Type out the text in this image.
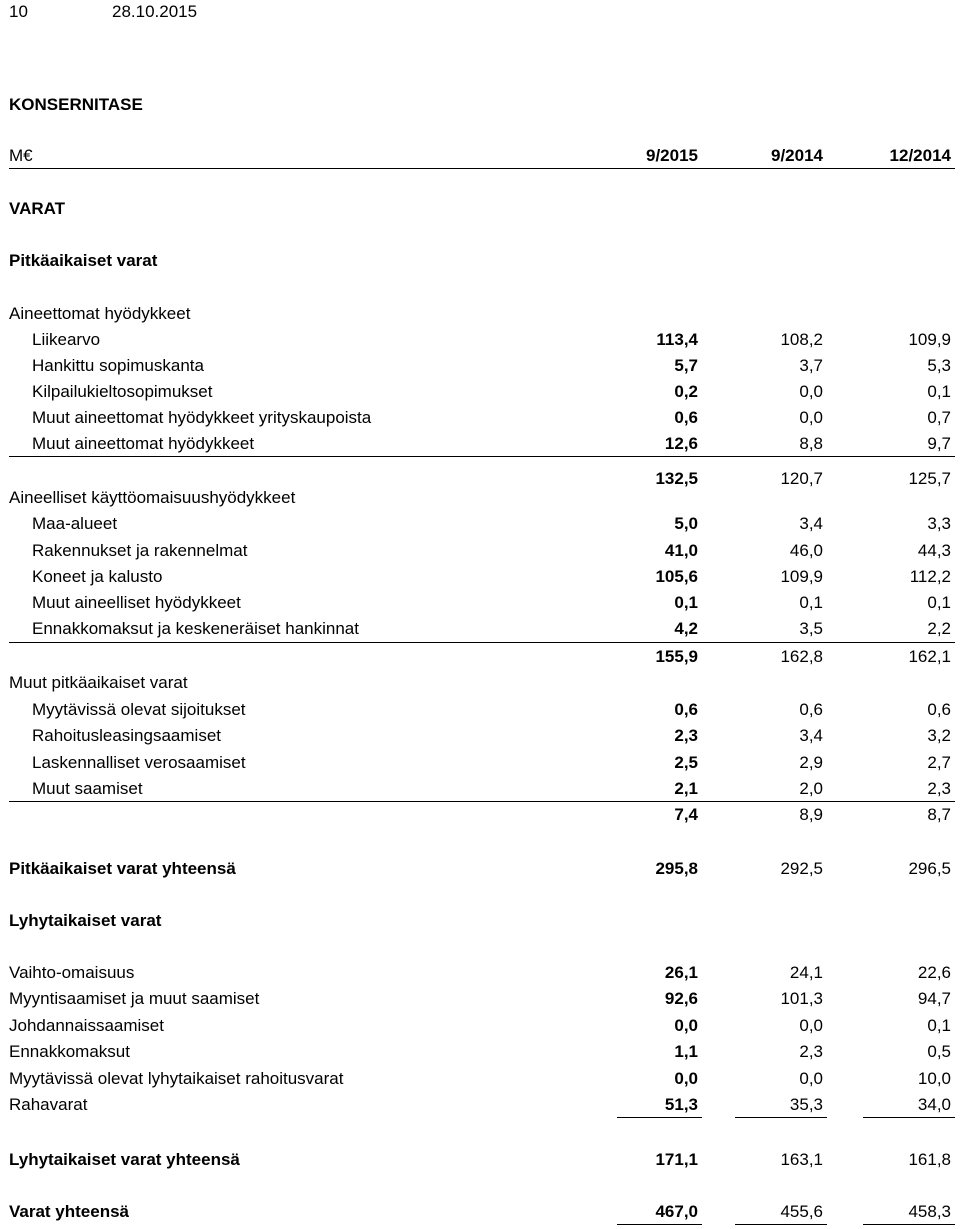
10	28.10.2015
KONSERNITASE
M€	9/2015	9/2014	12/2014
VARAT
Pitkäaikaiset varat
Aineettomat hyödykkeet
Liikearvo	113,4	108,2	109,9
Hankittu sopimuskanta	5,7	3,7	5,3
Kilpailukieltosopimukset	0,2	0,0	0,1
Muut aineettomat hyödykkeet yrityskaupoista	0,6	0,0	0,7
Muut aineettomat hyödykkeet	12,6	8,8	9,7
132,5	120,7	125,7
Aineelliset käyttöomaisuushyödykkeet
Maa-alueet	5,0	3,4	3,3
Rakennukset ja rakennelmat	41,0	46,0	44,3
Koneet ja kalusto	105,6	109,9	112,2
Muut aineelliset hyödykkeet	0,1	0,1	0,1
Ennakkomaksut ja keskeneräiset hankinnat	4,2	3,5	2,2
155,9	162,8	162,1
Muut pitkäaikaiset varat
Myytävissä olevat sijoitukset	0,6	0,6	0,6
Rahoitusleasingsaamiset	2,3	3,4	3,2
Laskennalliset verosaamiset	2,5	2,9	2,7
Muut saamiset	2,1	2,0	2,3
7,4	8,9	8,7
Pitkäaikaiset varat yhteensä	295,8	292,5	296,5
Lyhytaikaiset varat
Vaihto-omaisuus	26,1	24,1	22,6
Myyntisaamiset ja muut saamiset	92,6	101,3	94,7
Johdannaissaamiset	0,0	0,0	0,1
Ennakkomaksut	1,1	2,3	0,5
Myytävissä olevat lyhytaikaiset rahoitusvarat	0,0	0,0	10,0
Rahavarat	51,3	35,3	34,0
Lyhytaikaiset varat yhteensä	171,1	163,1	161,8
Varat yhteensä	467,0	455,6	458,3
